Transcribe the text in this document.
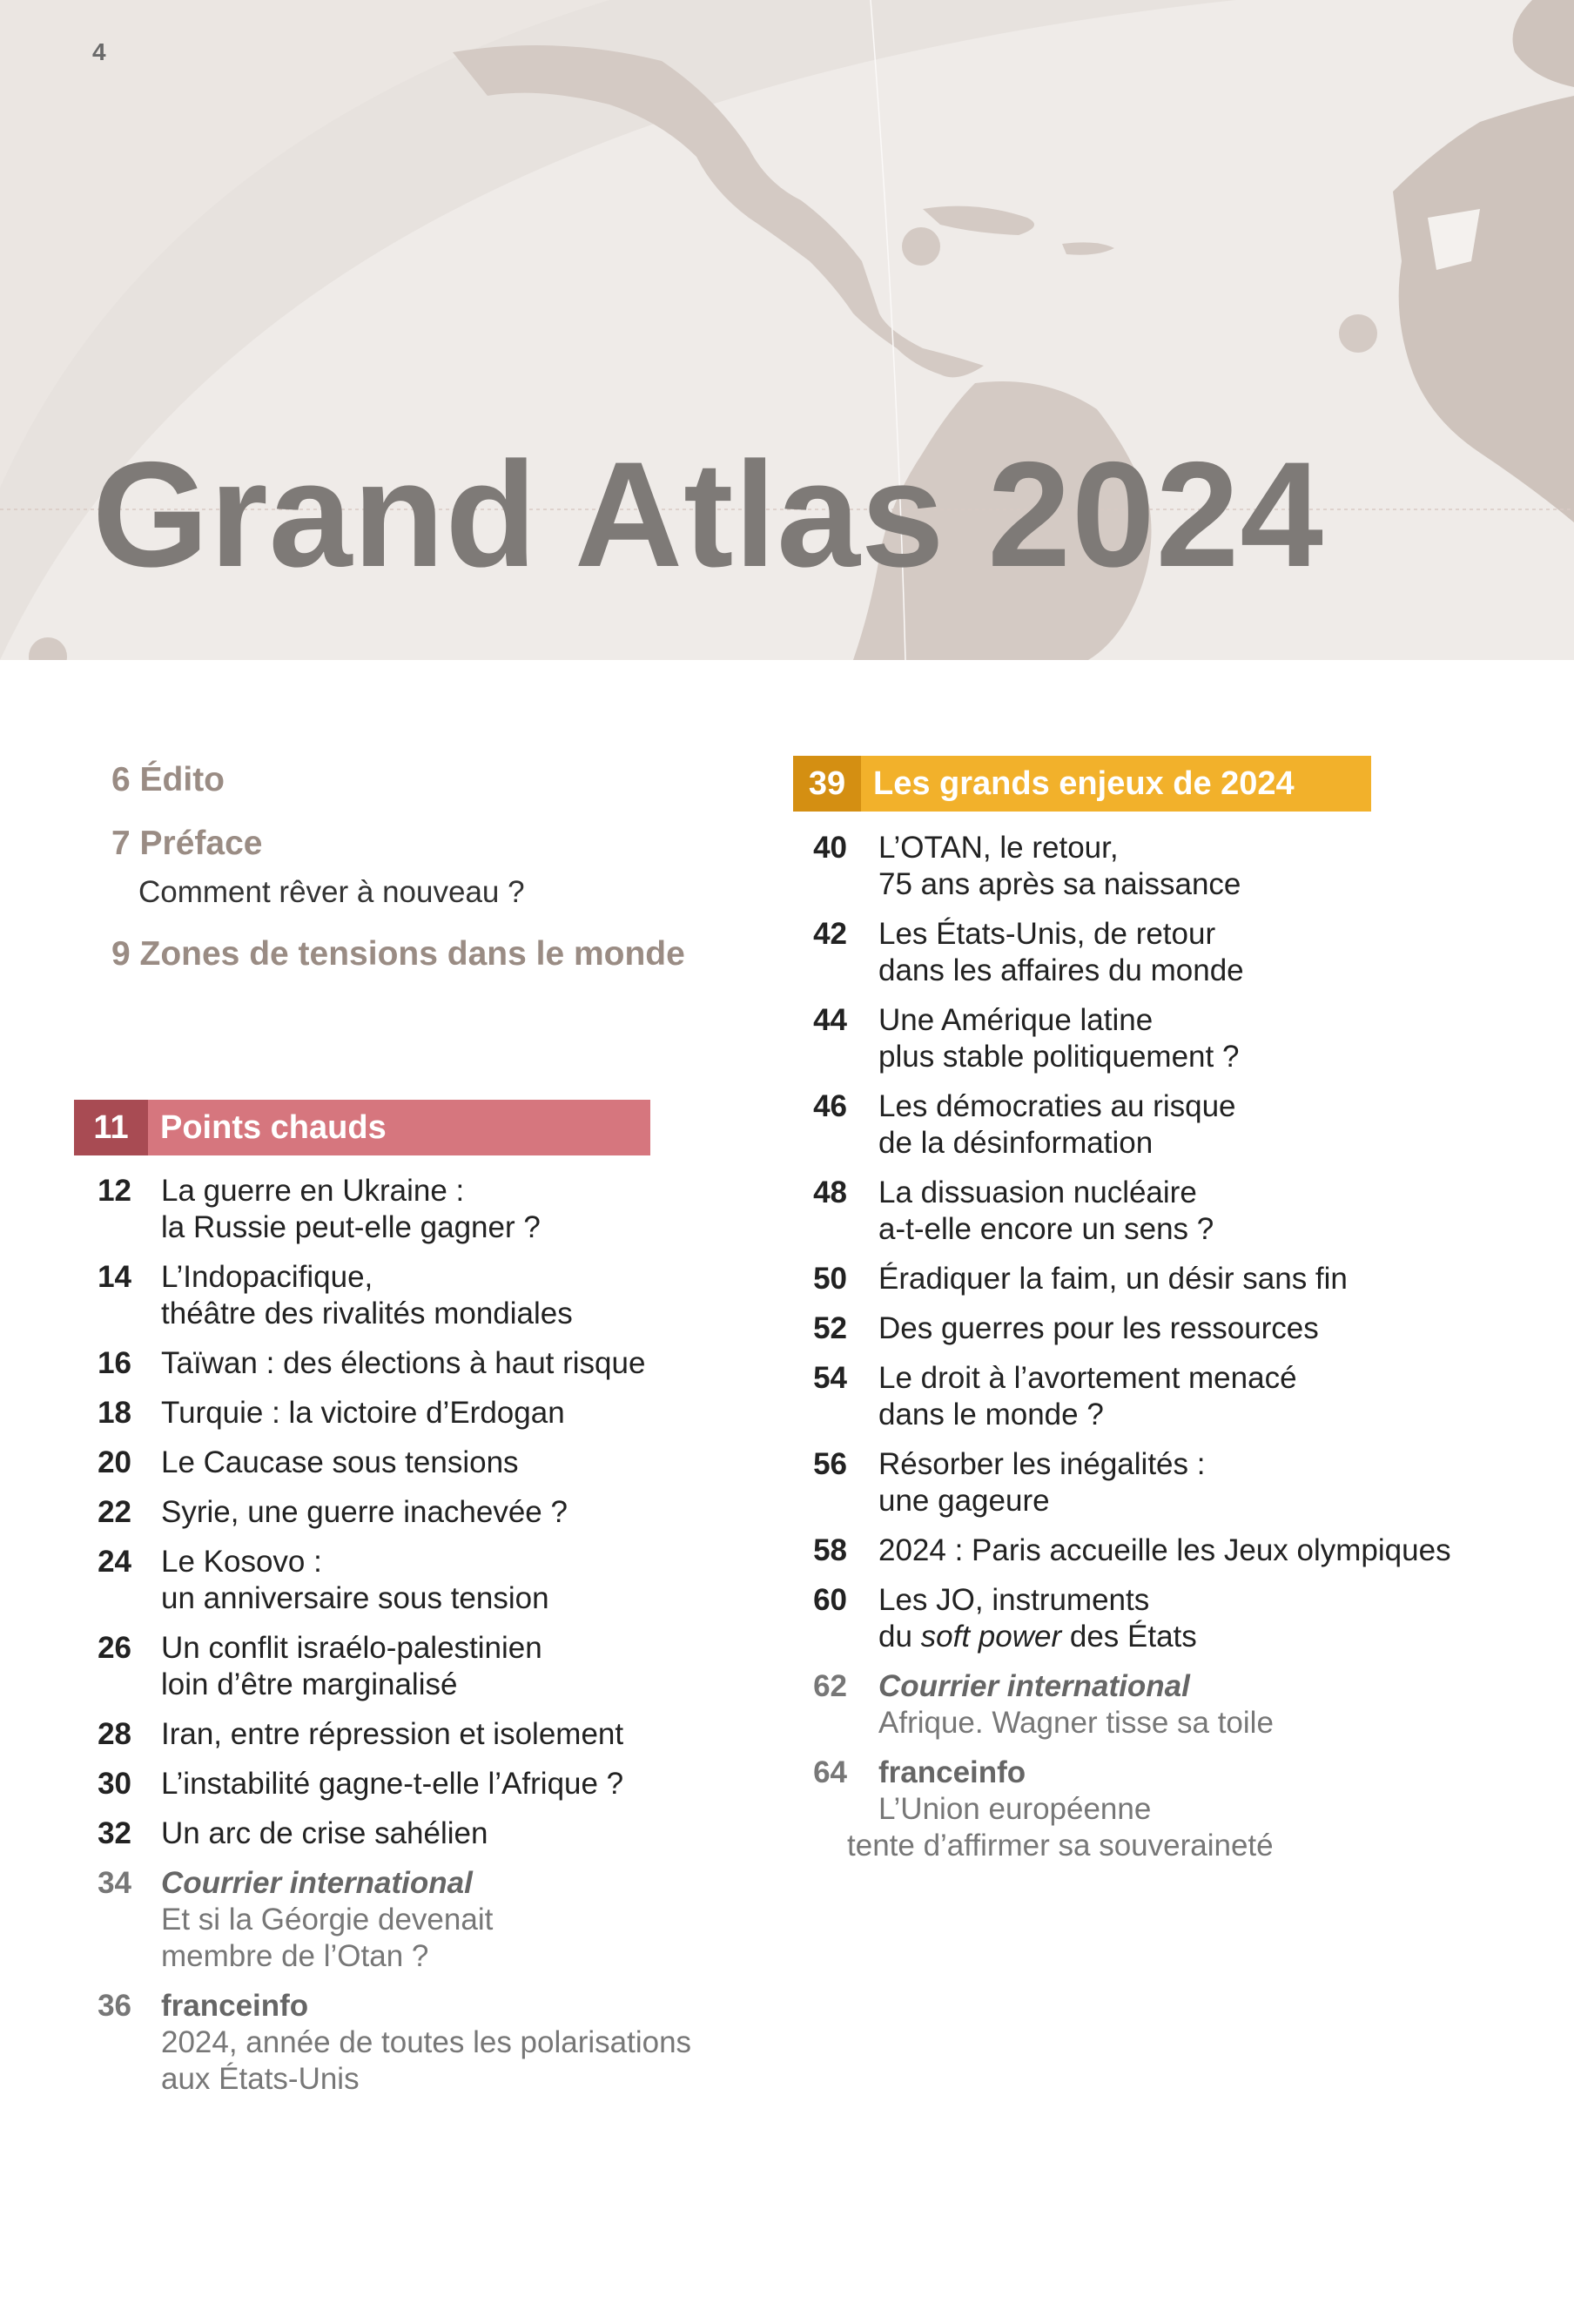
4
Grand Atlas 2024
6 Édito
7 Préface
Comment rêver à nouveau ?
9 Zones de tensions dans le monde
11 Points chauds
12 La guerre en Ukraine :
la Russie peut-elle gagner ?
14 L’Indopacifique,
théâtre des rivalités mondiales
16 Taïwan : des élections à haut risque
18 Turquie : la victoire d’Erdogan
20 Le Caucase sous tensions
22 Syrie, une guerre inachevée ?
24 Le Kosovo :
un anniversaire sous tension
26 Un conflit israélo-palestinien
loin d’être marginalisé
28 Iran, entre répression et isolement
30 L’instabilité gagne-t-elle l’Afrique ?
32 Un arc de crise sahélien
34 Courrier international
Et si la Géorgie devenait
membre de l’Otan ?
36 franceinfo
2024, année de toutes les polarisations
aux États-Unis
39 Les grands enjeux de 2024
40 L’OTAN, le retour,
75 ans après sa naissance
42 Les États-Unis, de retour
dans les affaires du monde
44 Une Amérique latine
plus stable politiquement ?
46 Les démocraties au risque
de la désinformation
48 La dissuasion nucléaire
a-t-elle encore un sens ?
50 Éradiquer la faim, un désir sans fin
52 Des guerres pour les ressources
54 Le droit à l’avortement menacé
dans le monde ?
56 Résorber les inégalités :
une gageure
58 2024 : Paris accueille les Jeux olympiques
60 Les JO, instruments
du soft power des États
62 Courrier international
Afrique. Wagner tisse sa toile
64 franceinfo
L’Union européenne
tente d’affirmer sa souveraineté
